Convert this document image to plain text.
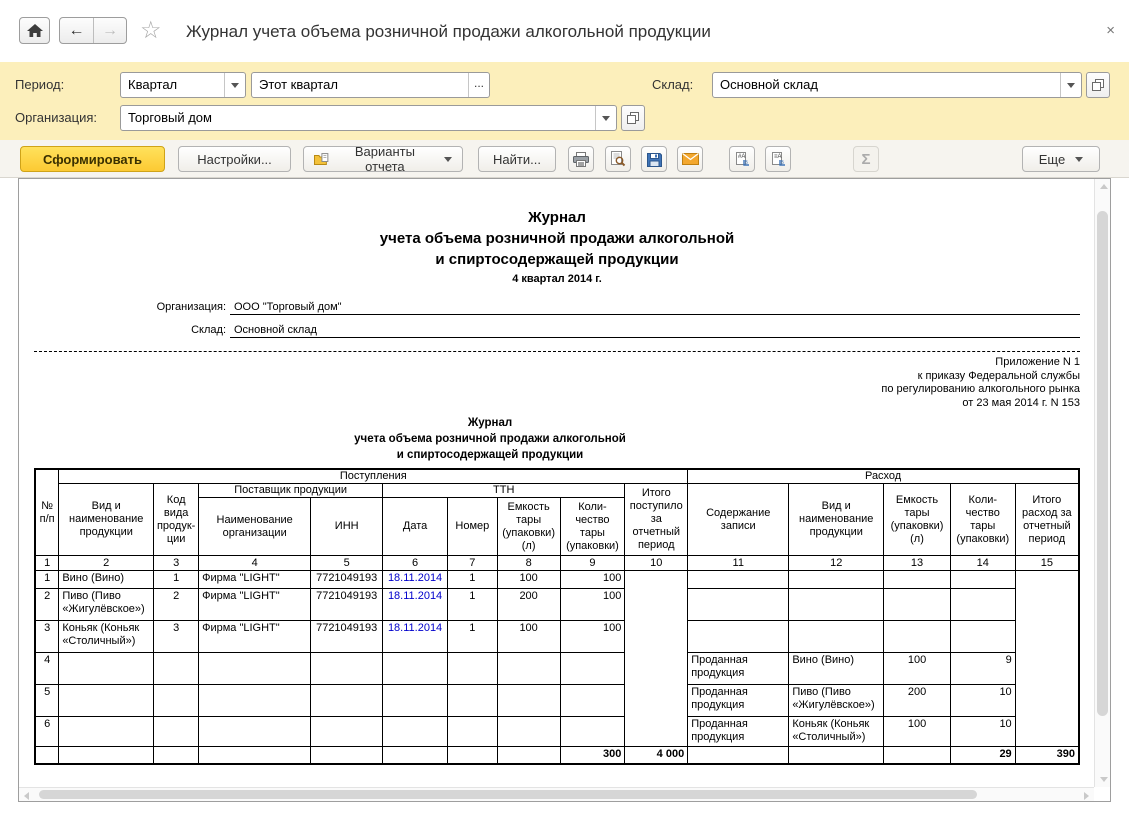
← → ☆ Журнал учета объема розничной продажи алкогольной продукции	×
Период:	Квартал	Этот квартал	...	Склад:	Основной склад
Организация:	Торговый дом
Сформировать	Настройки...	Варианты отчета	Найти...	#A
B
≡A
B	Σ	Еще
Журнал
учета объема розничной продажи алкогольной
и спиртосодержащей продукции
4 квартал 2014 г.
Организация: ООО "Торговый дом"
Склад: Основной склад
Приложение N 1
к приказу Федеральной службы
по регулированию алкогольного рынка
от 23 мая 2014 г. N 153
Журнал
учета объема розничной продажи алкогольной
и спиртосодержащей продукции
№ п/п	Поступления									Расход				
	Вид и наименование продукции	Код вида продук-ции	Поставщик продукции		ТТН				Итого поступило за отчетный период	Содержание записи	Вид и наименование продукции	Емкость тары (упаковки) (л)	Коли-чество тары (упаковки)	Итого расход за отчетный период
			Наименование организации	ИНН	Дата	Номер	Емкость тары (упаковки) (л)	Коли-чество тары (упаковки)						
1	2	3	4	5	6	7	8	9	10	11	12	13	14	15
1	Вино (Вино)	1	Фирма "LIGHT"	7721049193	18.11.2014	1	100	100						
2	Пиво (Пиво «Жигулёвское»)	2	Фирма "LIGHT"	7721049193	18.11.2014	1	200	100						
3	Коньяк (Коньяк «Столичный»)	3	Фирма "LIGHT"	7721049193	18.11.2014	1	100	100						
4										Проданная продукция	Вино (Вино)	100	9	
5										Проданная продукция	Пиво (Пиво «Жигулёвское»)	200	10	
6										Проданная продукция	Коньяк (Коньяк «Столичный»)	100	10	
								300	4 000				29	390
